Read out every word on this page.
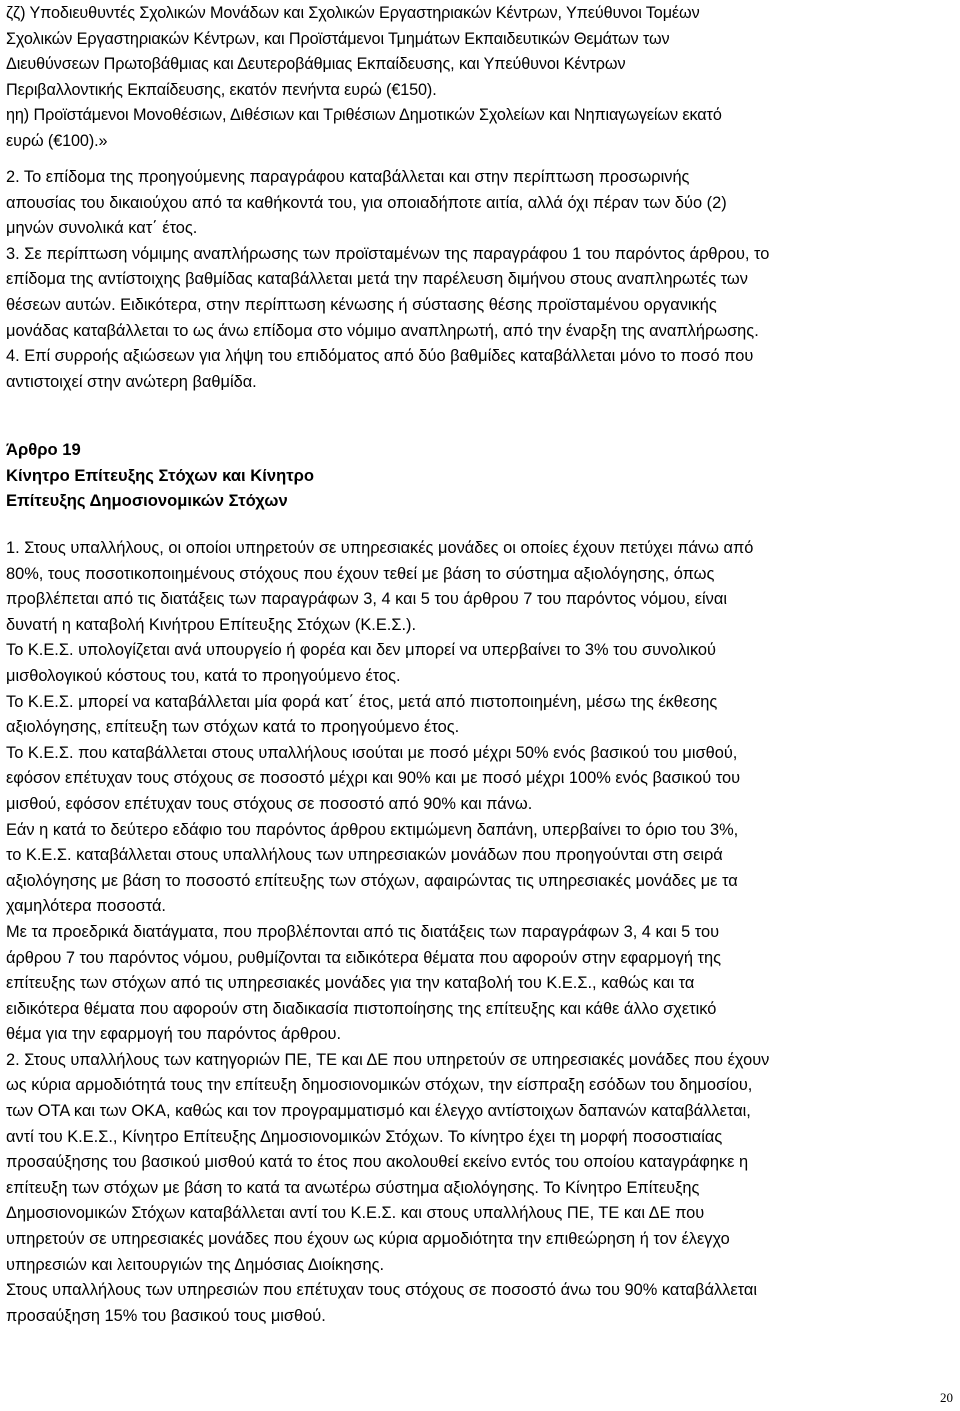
ζζ) Υποδιευθυντές Σχολικών Μονάδων και Σχολικών Εργαστηριακών Κέντρων, Υπεύθυνοι Τομέων
Σχολικών Εργαστηριακών Κέντρων, και Προϊστάμενοι Τμημάτων Εκπαιδευτικών Θεμάτων των
Διευθύνσεων Πρωτοβάθμιας και Δευτεροβάθμιας Εκπαίδευσης, και Υπεύθυνοι Κέντρων
Περιβαλλοντικής Εκπαίδευσης, εκατόν πενήντα ευρώ (€150).
ηη) Προϊστάμενοι Μονοθέσιων, Διθέσιων και Τριθέσιων Δημοτικών Σχολείων και Νηπιαγωγείων εκατό
ευρώ (€100).»
2. Το επίδομα της προηγούμενης παραγράφου καταβάλλεται και στην περίπτωση προσωρινής
απουσίας του δικαιούχου από τα καθήκοντά του, για οποιαδήποτε αιτία, αλλά όχι πέραν των δύο (2)
μηνών συνολικά κατ΄ έτος.
3. Σε περίπτωση νόμιμης αναπλήρωσης των προϊσταμένων της παραγράφου 1 του παρόντος άρθρου, το
επίδομα της αντίστοιχης βαθμίδας καταβάλλεται μετά την παρέλευση διμήνου στους αναπληρωτές των
θέσεων αυτών. Ειδικότερα, στην περίπτωση κένωσης ή σύστασης θέσης προϊσταμένου οργανικής
μονάδας καταβάλλεται το ως άνω επίδομα στο νόμιμο αναπληρωτή, από την έναρξη της αναπλήρωσης.
4. Επί συρροής αξιώσεων για λήψη του επιδόματος από δύο βαθμίδες καταβάλλεται μόνο το ποσό που
αντιστοιχεί στην ανώτερη βαθμίδα.
Άρθρο 19
Κίνητρο Επίτευξης Στόχων και Κίνητρο
Επίτευξης Δημοσιονομικών Στόχων
1. Στους υπαλλήλους, οι οποίοι υπηρετούν σε υπηρεσιακές μονάδες οι οποίες έχουν πετύχει πάνω από
80%, τους ποσοτικοποιημένους στόχους που έχουν τεθεί με βάση το σύστημα αξιολόγησης, όπως
προβλέπεται από τις διατάξεις των παραγράφων 3, 4 και 5 του άρθρου 7 του παρόντος νόμου, είναι
δυνατή η καταβολή Κινήτρου Επίτευξης Στόχων (Κ.Ε.Σ.).
Το Κ.Ε.Σ. υπολογίζεται ανά υπουργείο ή φορέα και δεν μπορεί να υπερβαίνει το 3% του συνολικού
μισθολογικού κόστους του, κατά το προηγούμενο έτος.
Το Κ.Ε.Σ. μπορεί να καταβάλλεται μία φορά κατ΄ έτος, μετά από πιστοποιημένη, μέσω της έκθεσης
αξιολόγησης, επίτευξη των στόχων κατά το προηγούμενο έτος.
Το Κ.Ε.Σ. που καταβάλλεται στους υπαλλήλους ισούται με ποσό μέχρι 50% ενός βασικού του μισθού,
εφόσον επέτυχαν τους στόχους σε ποσοστό μέχρι και 90% και με ποσό μέχρι 100% ενός βασικού του
μισθού, εφόσον επέτυχαν τους στόχους σε ποσοστό από 90% και πάνω.
Εάν η κατά το δεύτερο εδάφιο του παρόντος άρθρου εκτιμώμενη δαπάνη, υπερβαίνει το όριο του 3%,
το Κ.Ε.Σ. καταβάλλεται στους υπαλλήλους των υπηρεσιακών μονάδων που προηγούνται στη σειρά
αξιολόγησης με βάση το ποσοστό επίτευξης των στόχων, αφαιρώντας τις υπηρεσιακές μονάδες με τα
χαμηλότερα ποσοστά.
Με τα προεδρικά διατάγματα, που προβλέπονται από τις διατάξεις των παραγράφων 3, 4 και 5 του
άρθρου 7 του παρόντος νόμου, ρυθμίζονται τα ειδικότερα θέματα που αφορούν στην εφαρμογή της
επίτευξης των στόχων από τις υπηρεσιακές μονάδες για την καταβολή του Κ.Ε.Σ., καθώς και τα
ειδικότερα θέματα που αφορούν στη διαδικασία πιστοποίησης της επίτευξης και κάθε άλλο σχετικό
θέμα για την εφαρμογή του παρόντος άρθρου.
2. Στους υπαλλήλους των κατηγοριών ΠΕ, ΤΕ και ΔΕ που υπηρετούν σε υπηρεσιακές μονάδες που έχουν
ως κύρια αρμοδιότητά τους την επίτευξη δημοσιονομικών στόχων, την είσπραξη εσόδων του δημοσίου,
των ΟΤΑ και των ΟΚΑ, καθώς και τον προγραμματισμό και έλεγχο αντίστοιχων δαπανών καταβάλλεται,
αντί του Κ.Ε.Σ., Κίνητρο Επίτευξης Δημοσιονομικών Στόχων. Το κίνητρο έχει τη μορφή ποσοστιαίας
προσαύξησης του βασικού μισθού κατά το έτος που ακολουθεί εκείνο εντός του οποίου καταγράφηκε η
επίτευξη των στόχων με βάση το κατά τα ανωτέρω σύστημα αξιολόγησης. Το Κίνητρο Επίτευξης
Δημοσιονομικών Στόχων καταβάλλεται αντί του Κ.Ε.Σ. και στους υπαλλήλους ΠΕ, ΤΕ και ΔΕ που
υπηρετούν σε υπηρεσιακές μονάδες που έχουν ως κύρια αρμοδιότητα την επιθεώρηση ή τον έλεγχο
υπηρεσιών και λειτουργιών της Δημόσιας Διοίκησης.
Στους υπαλλήλους των υπηρεσιών που επέτυχαν τους στόχους σε ποσοστό άνω του 90% καταβάλλεται
προσαύξηση 15% του βασικού τους μισθού.
20
